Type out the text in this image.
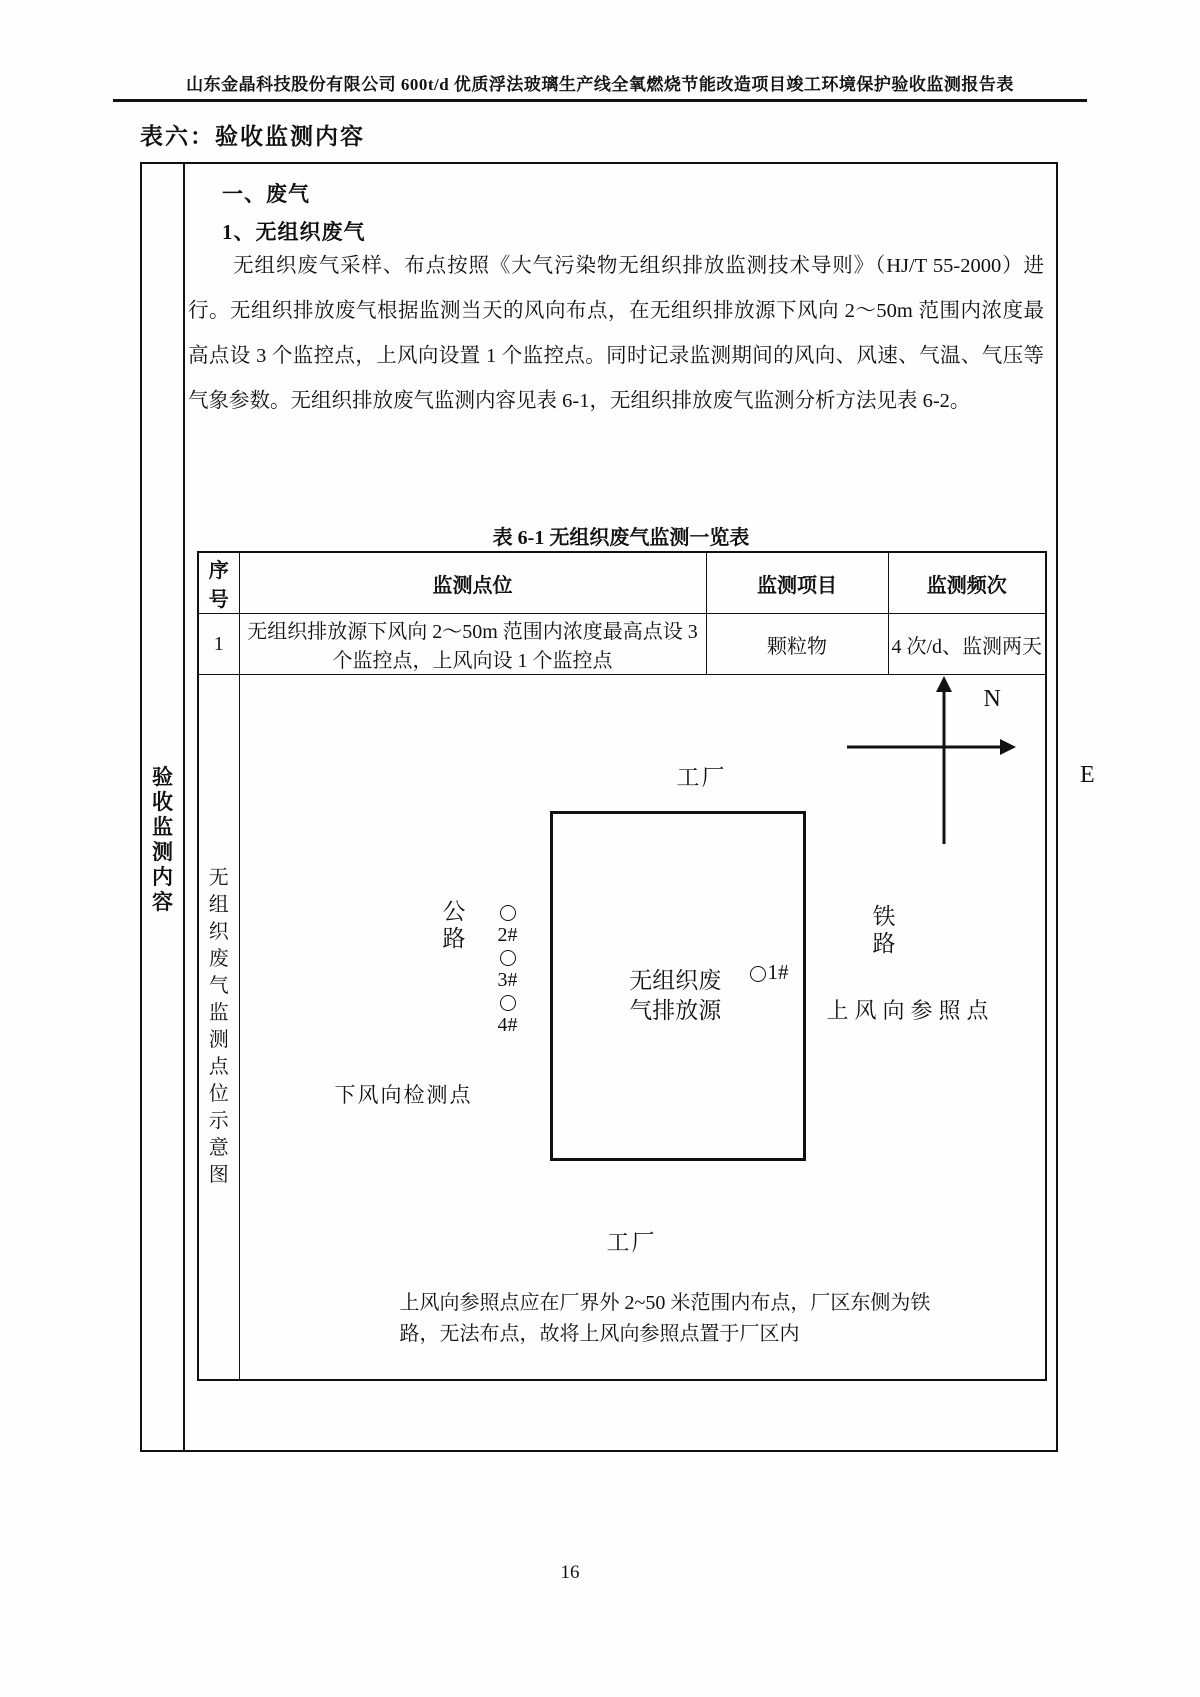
山东金晶科技股份有限公司 600t/d 优质浮法玻璃生产线全氧燃烧节能改造项目竣工环境保护验收监测报告表
表六：验收监测内容
验收监测内容
一、废气
1、无组织废气
无组织废气采样、布点按照《大气污染物无组织排放监测技术导则》（HJ/T 55-2000）进行。无组织排放废气根据监测当天的风向布点，在无组织排放源下风向 2～50m 范围内浓度最高点设 3 个监控点，上风向设置 1 个监控点。同时记录监测期间的风向、风速、气温、气压等气象参数。无组织排放废气监测内容见表 6-1，无组织排放废气监测分析方法见表 6-2。
表 6-1 无组织废气监测一览表
序号	监测点位	监测项目	监测频次
1	无组织排放源下风向 2～50m 范围内浓度最高点设 3 个监控点，上风向设 1 个监控点	颗粒物	4 次/d、监测两天
无组织废气监测点位示意图	
N
工厂
工厂
无组织废气排放源
1#
公路	2#
3#
4#
下风向检测点
铁路
上风向参照点
上风向参照点应在厂界外 2~50 米范围内布点，厂区东侧为铁
路，无法布点，故将上风向参照点置于厂区内
E
16
